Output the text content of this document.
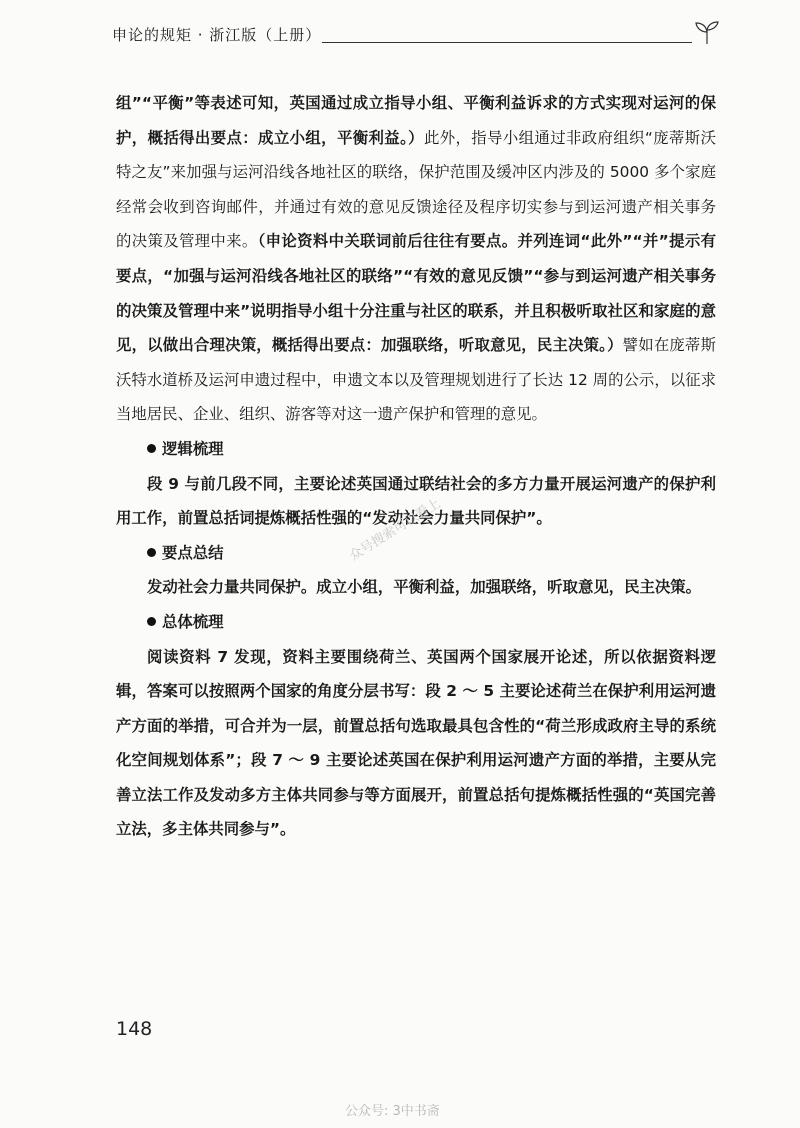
申论的规矩 · 浙江版（上册）

组”“平衡”等表述可知，英国通过成立指导小组、平衡利益诉求的方式实现对运河的保护，概括得出要点：成立小组，平衡利益。）此外，指导小组通过非政府组织“庞蒂斯沃特之友”来加强与运河沿线各地社区的联络，保护范围及缓冲区内涉及的 5000 多个家庭经常会收到咨询邮件，并通过有效的意见反馈途径及程序切实参与到运河遗产相关事务的决策及管理中来。（申论资料中关联词前后往往有要点。并列连词“此外”“并”提示有要点，“加强与运河沿线各地社区的联络”“有效的意见反馈”“参与到运河遗产相关事务的决策及管理中来”说明指导小组十分注重与社区的联系，并且积极听取社区和家庭的意见，以做出合理决策，概括得出要点：加强联络，听取意见，民主决策。）譬如在庞蒂斯沃特水道桥及运河申遗过程中，申遗文本以及管理规划进行了长达 12 周的公示，以征求当地居民、企业、组织、游客等对这一遗产保护和管理的意见。

逻辑梳理

段 9 与前几段不同，主要论述英国通过联结社会的多方力量开展运河遗产的保护利用工作，前置总括词提炼概括性强的“发动社会力量共同保护”。

要点总结

发动社会力量共同保护。成立小组，平衡利益，加强联络，听取意见，民主决策。

总体梳理

阅读资料 7 发现，资料主要围绕荷兰、英国两个国家展开论述，所以依据资料逻辑，答案可以按照两个国家的角度分层书写：段 2 ～ 5 主要论述荷兰在保护利用运河遗产方面的举措，可合并为一层，前置总括句选取最具包含性的“荷兰形成政府主导的系统化空间规划体系”；段 7 ～ 9 主要论述英国在保护利用运河遗产方面的举措，主要从完善立法工作及发动多方主体共同参与等方面展开，前置总括句提炼概括性强的“英国完善立法，多主体共同参与”。

众号搜索可以看上
148
公众号: 3中书斋
